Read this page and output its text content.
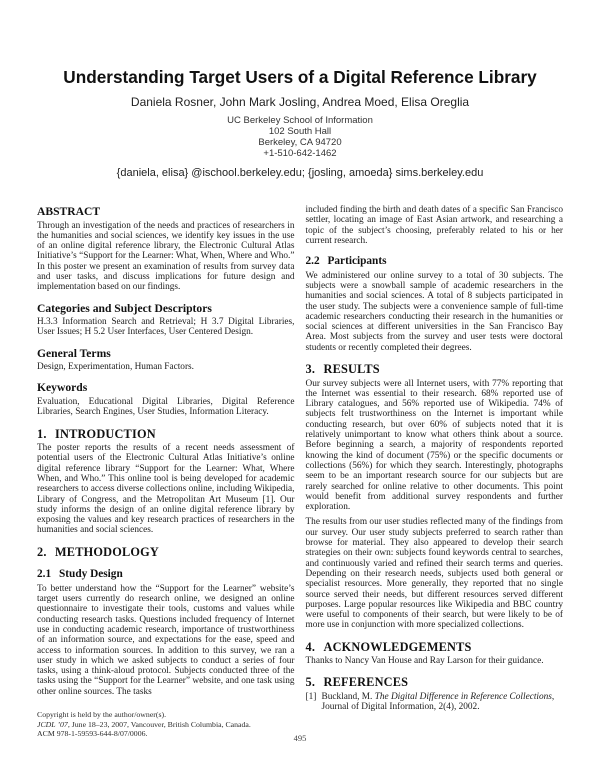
Understanding Target Users of a Digital Reference Library
Daniela Rosner, John Mark Josling, Andrea Moed, Elisa Oreglia
UC Berkeley School of Information
102 South Hall
Berkeley, CA 94720
+1-510-642-1462
{daniela, elisa} @ischool.berkeley.edu; {josling, amoeda} sims.berkeley.edu
ABSTRACT

Through an investigation of the needs and practices of researchers in the humanities and social sciences, we identify key issues in the use of an online digital reference library, the Electronic Cultural Atlas Initiative’s “Support for the Learner: What, When, Where and Who.” In this poster we present an examination of results from survey data and user tasks, and discuss implications for future design and implementation based on our findings.

Categories and Subject Descriptors

H.3.3 Information Search and Retrieval; H 3.7 Digital Libraries, User Issues; H 5.2 User Interfaces, User Centered Design.

General Terms

Design, Experimentation, Human Factors.

Keywords

Evaluation, Educational Digital Libraries, Digital Reference Libraries, Search Engines, User Studies, Information Literacy.

1. INTRODUCTION

The poster reports the results of a recent needs assessment of potential users of the Electronic Cultural Atlas Initiative’s online digital reference library “Support for the Learner: What, Where When, and Who.” This online tool is being developed for academic researchers to access diverse collections online, including Wikipedia, Library of Congress, and the Metropolitan Art Museum [1]. Our study informs the design of an online digital reference library by exposing the values and key research practices of researchers in the humanities and social sciences.

2. METHODOLOGY
2.1 Study Design

To better understand how the “Support for the Learner” website’s target users currently do research online, we designed an online questionnaire to investigate their tools, customs and values while conducting research tasks. Questions included frequency of Internet use in conducting academic research, importance of trustworthiness of an information source, and expectations for the ease, speed and access to information sources. In addition to this survey, we ran a user study in which we asked subjects to conduct a series of four tasks, using a think-aloud protocol. Subjects conducted three of the tasks using the “Support for the Learner” website, and one task using other online sources. The tasks

Copyright is held by the author/owner(s).
JCDL ’07, June 18–23, 2007, Vancouver, British Columbia, Canada.
ACM 978-1-59593-644-8/07/0006.

included finding the birth and death dates of a specific San Francisco settler, locating an image of East Asian artwork, and researching a topic of the subject’s choosing, preferably related to his or her current research.

2.2 Participants

We administered our online survey to a total of 30 subjects. The subjects were a snowball sample of academic researchers in the humanities and social sciences. A total of 8 subjects participated in the user study. The subjects were a convenience sample of full-time academic researchers conducting their research in the humanities or social sciences at different universities in the San Francisco Bay Area. Most subjects from the survey and user tests were doctoral students or recently completed their degrees.

3. RESULTS

Our survey subjects were all Internet users, with 77% reporting that the Internet was essential to their research. 68% reported use of Library catalogues, and 56% reported use of Wikipedia. 74% of subjects felt trustworthiness on the Internet is important while conducting research, but over 60% of subjects noted that it is relatively unimportant to know what others think about a source. Before beginning a search, a majority of respondents reported knowing the kind of document (75%) or the specific documents or collections (56%) for which they search. Interestingly, photographs seem to be an important research source for our subjects but are rarely searched for online relative to other documents. This point would benefit from additional survey respondents and further exploration.

The results from our user studies reflected many of the findings from our survey. Our user study subjects preferred to search rather than browse for material. They also appeared to develop their search strategies on their own: subjects found keywords central to searches, and continuously varied and refined their search terms and queries. Depending on their research needs, subjects used both general or specialist resources. More generally, they reported that no single source served their needs, but different resources served different purposes. Large popular resources like Wikipedia and BBC country were useful to components of their search, but were likely to be of more use in conjunction with more specialized collections.

4. ACKNOWLEDGEMENTS

Thanks to Nancy Van House and Ray Larson for their guidance.

5. REFERENCES
[1] Buckland, M. The Digital Difference in Reference Collections, Journal of Digital Information, 2(4), 2002.
495
